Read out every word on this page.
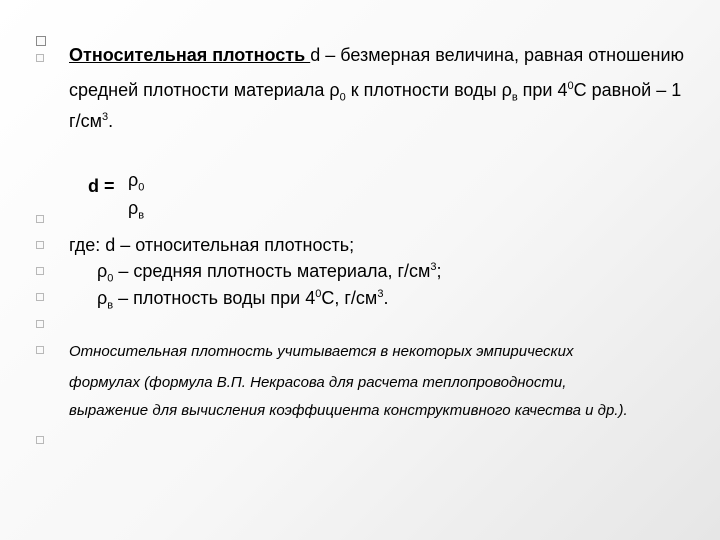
Относительная плотность d – безмерная величина, равная отношению
средней плотности материала $\rho_0$ к плотности воды $\rho_в$ при $4^0С$ равной – 1
$г/см^3$.
$d = \rho_0$
$\rho_в$
где: d – относительная плотность;
$\rho_0$ – средняя плотность материала, $г/см^3$;
$\rho_в$ – плотность воды при $4^0С$, $г/см^3$.
Относительная плотность учитывается в некоторых эмпирических
формулах (формула В.П. Некрасова для расчета теплопроводности,
выражение для вычисления коэффициента конструктивного качества и др.).
